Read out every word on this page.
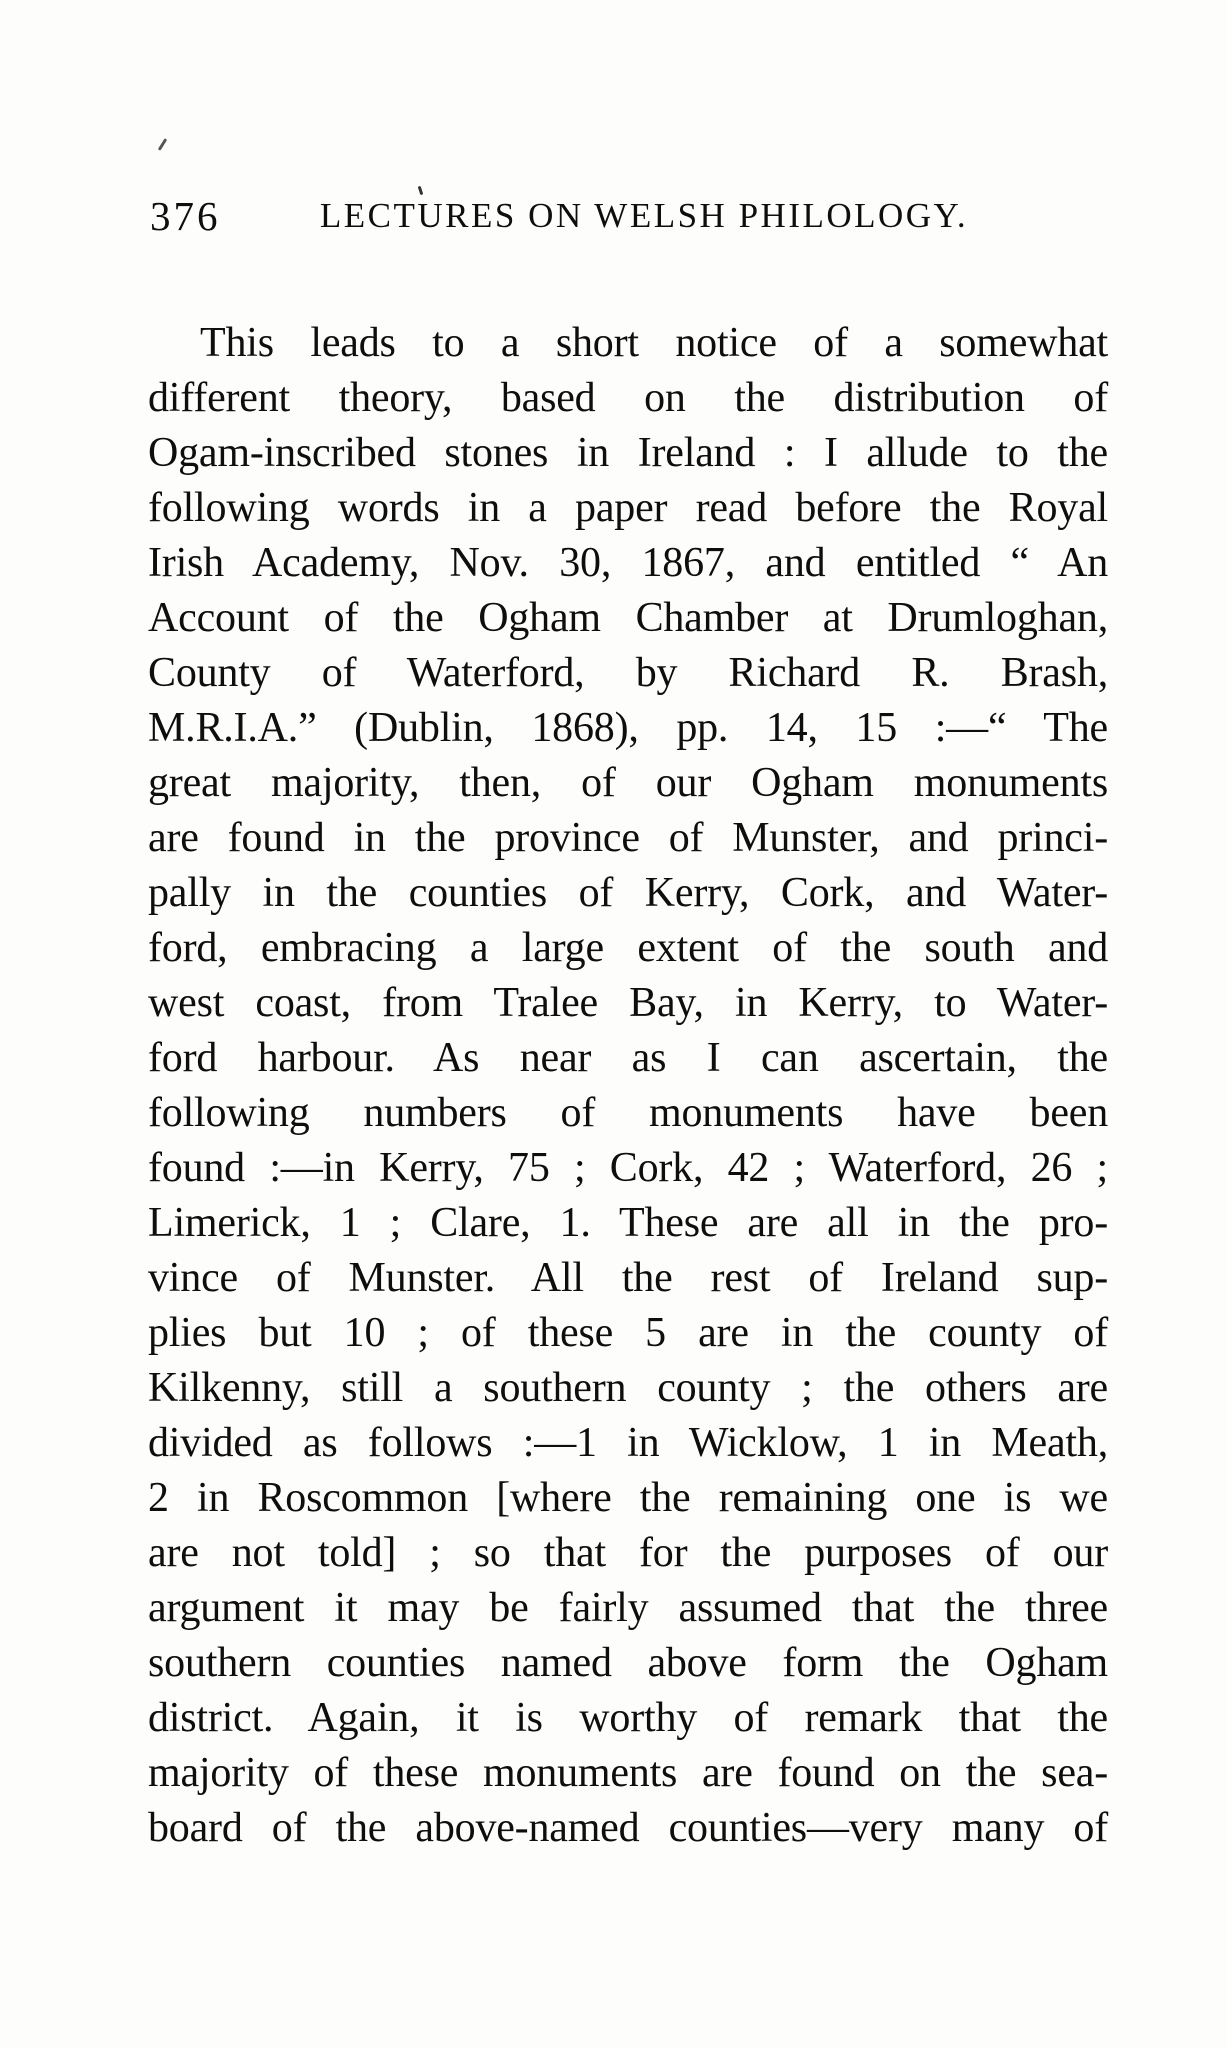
376	LECTURES ON WELSH PHILOLOGY.
This leads to a short notice of a somewhat
different theory, based on the distribution of
Ogam-inscribed stones in Ireland : I allude to the
following words in a paper read before the Royal
Irish Academy, Nov. 30, 1867, and entitled “ An
Account of the Ogham Chamber at Drumloghan,
County of Waterford, by Richard R. Brash,
M.R.I.A.” (Dublin, 1868), pp. 14, 15 :—“ The
great majority, then, of our Ogham monuments
are found in the province of Munster, and princi-
pally in the counties of Kerry, Cork, and Water-
ford, embracing a large extent of the south and
west coast, from Tralee Bay, in Kerry, to Water-
ford harbour. As near as I can ascertain, the
following numbers of monuments have been
found :—in Kerry, 75 ; Cork, 42 ; Waterford, 26 ;
Limerick, 1 ; Clare, 1. These are all in the pro-
vince of Munster. All the rest of Ireland sup-
plies but 10 ; of these 5 are in the county of
Kilkenny, still a southern county ; the others are
divided as follows :—1 in Wicklow, 1 in Meath,
2 in Roscommon [where the remaining one is we
are not told] ; so that for the purposes of our
argument it may be fairly assumed that the three
southern counties named above form the Ogham
district. Again, it is worthy of remark that the
majority of these monuments are found on the sea-
board of the above-named counties—very many of
